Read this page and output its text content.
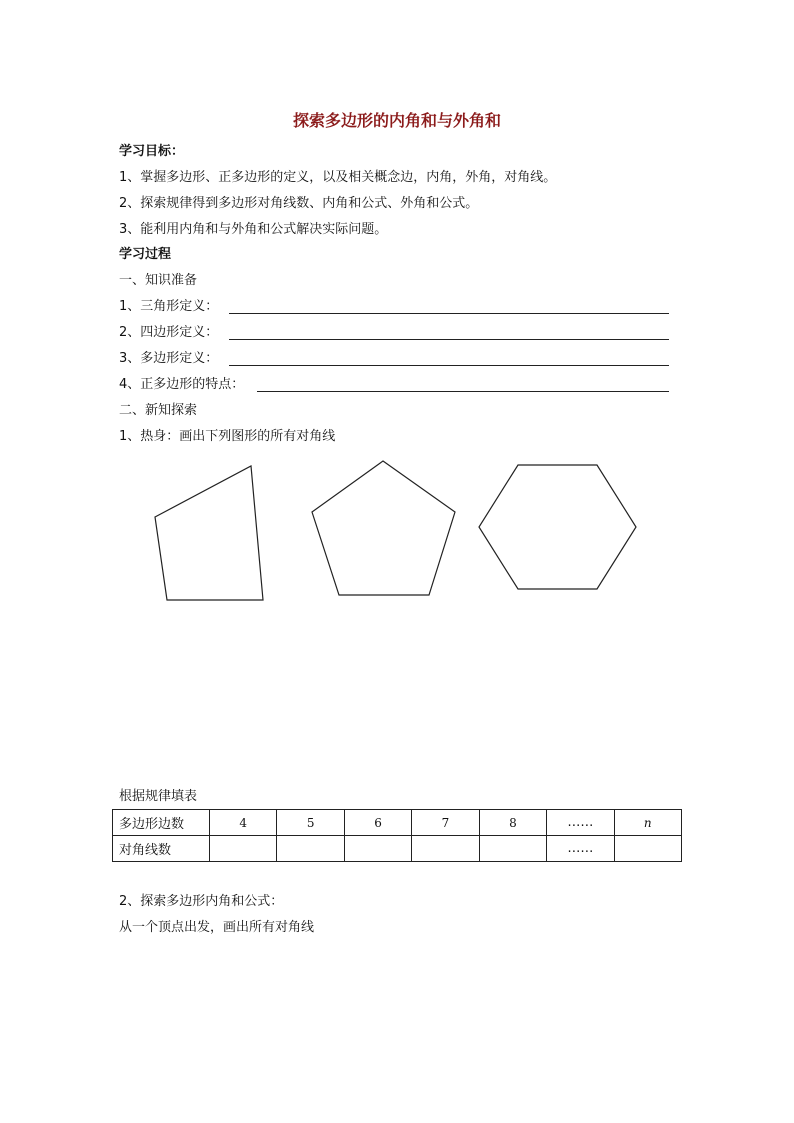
探索多边形的内角和与外角和
学习目标：
1、掌握多边形、正多边形的定义，以及相关概念边，内角，外角，对角线。
2、探索规律得到多边形对角线数、内角和公式、外角和公式。
3、能利用内角和与外角和公式解决实际问题。
学习过程
一、知识准备
1、三角形定义：
2、四边形定义：
3、多边形定义：
4、正多边形的特点：
二、新知探索
1、热身：画出下列图形的所有对角线
根据规律填表
多边形边数	4	5	6	7	8	……	n
对角线数						……	
2、探索多边形内角和公式：
从一个顶点出发，画出所有对角线
